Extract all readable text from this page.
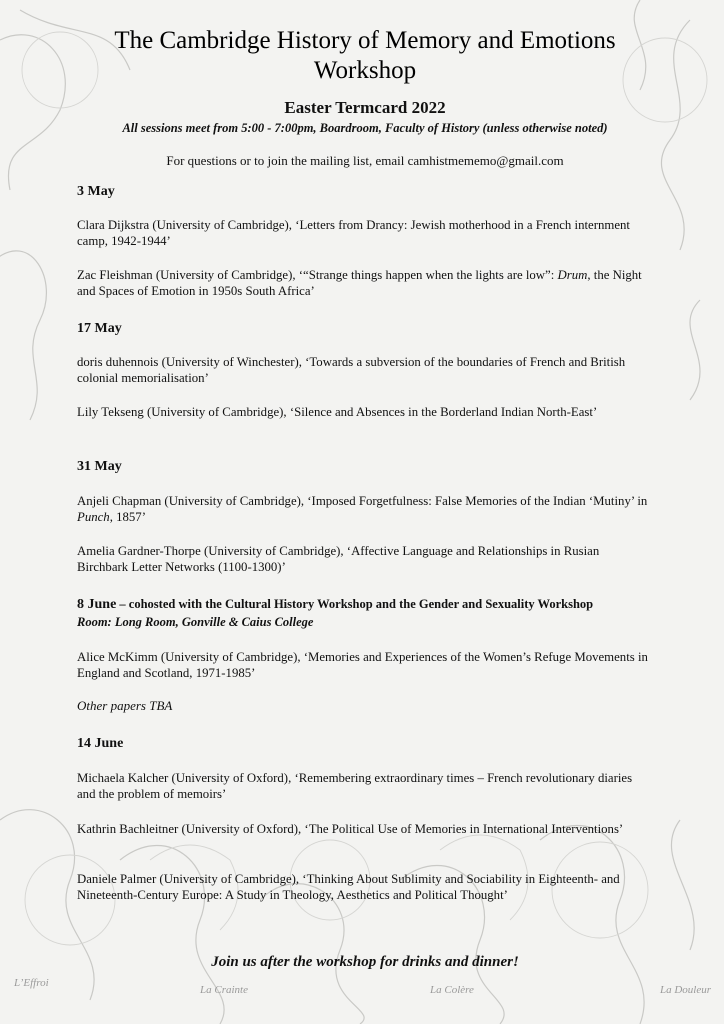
L’Effroi
La Crainte	La Colère	La Douleur
The Cambridge History of Memory and Emotions
Workshop

Easter Termcard 2022

All sessions meet from 5:00 - 7:00pm, Boardroom, Faculty of History (unless otherwise noted)

For questions or to join the mailing list, email camhistmememo@gmail.com

3 May

Clara Dijkstra (University of Cambridge), ‘Letters from Drancy: Jewish motherhood in a French internment camp, 1942-1944’

Zac Fleishman (University of Cambridge), ‘“Strange things happen when the lights are low”: Drum, the Night and Spaces of Emotion in 1950s South Africa’

17 May

doris duhennois (University of Winchester), ‘Towards a subversion of the boundaries of French and British colonial memorialisation’

Lily Tekseng (University of Cambridge), ‘Silence and Absences in the Borderland Indian North-East’

31 May

Anjeli Chapman (University of Cambridge), ‘Imposed Forgetfulness: False Memories of the Indian ‘Mutiny’ in Punch, 1857’

Amelia Gardner-Thorpe (University of Cambridge), ‘Affective Language and Relationships in Rusian Birchbark Letter Networks (1100-1300)’

8 June – cohosted with the Cultural History Workshop and the Gender and Sexuality Workshop

Room: Long Room, Gonville & Caius College

Alice McKimm (University of Cambridge), ‘Memories and Experiences of the Women’s Refuge Movements in England and Scotland, 1971-1985’

Other papers TBA

14 June

Michaela Kalcher (University of Oxford), ‘Remembering extraordinary times – French revolutionary diaries and the problem of memoirs’

Kathrin Bachleitner (University of Oxford), ‘The Political Use of Memories in International Interventions’

Daniele Palmer (University of Cambridge), ‘Thinking About Sublimity and Sociability in Eighteenth- and Nineteenth-Century Europe: A Study in Theology, Aesthetics and Political Thought’

Join us after the workshop for drinks and dinner!
